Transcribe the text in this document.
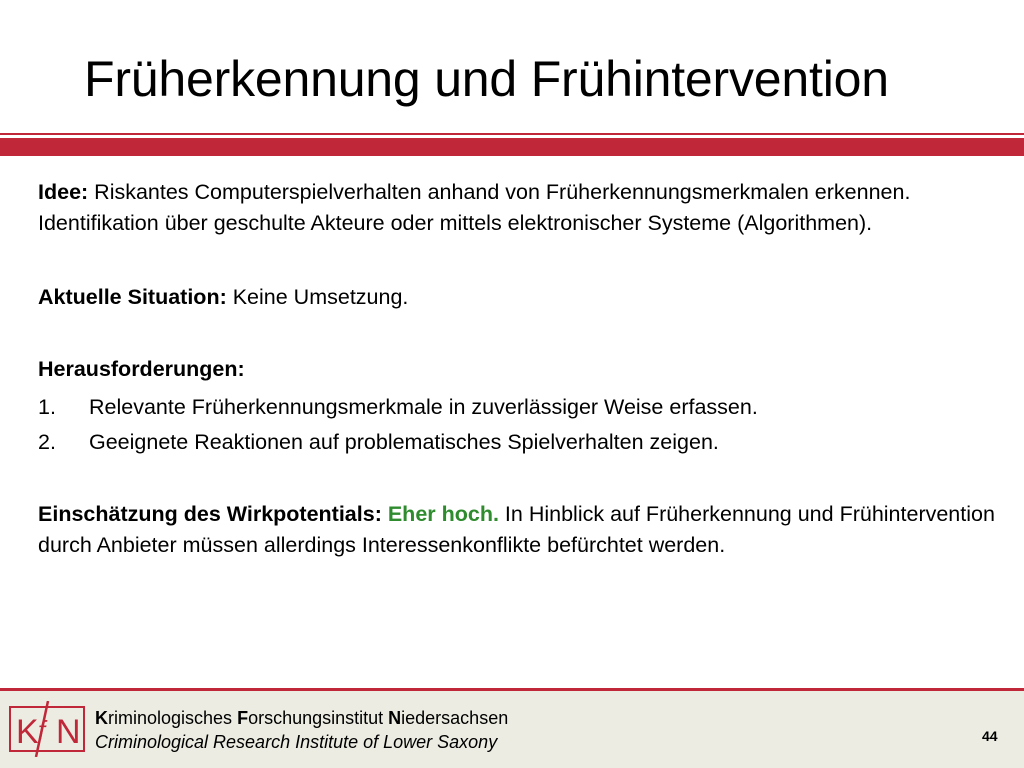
Früherkennung und Frühintervention

Idee: Riskantes Computerspielverhalten anhand von Früherkennungsmerkmalen erkennen. Identifikation über geschulte Akteure oder mittels elektronischer Systeme (Algorithmen).

Aktuelle Situation: Keine Umsetzung.

Herausforderungen:

1.	Relevante Früherkennungsmerkmale in zuverlässiger Weise erfassen.
2.	Geeignete Reaktionen auf problematisches Spielverhalten zeigen.

Einschätzung des Wirkpotentials: Eher hoch. In Hinblick auf Früherkennung und Frühintervention durch Anbieter müssen allerdings Interessenkonflikte befürchtet werden.

K f N Kriminologisches Forschungsinstitut Niedersachsen
Criminological Research Institute of Lower Saxony	44
